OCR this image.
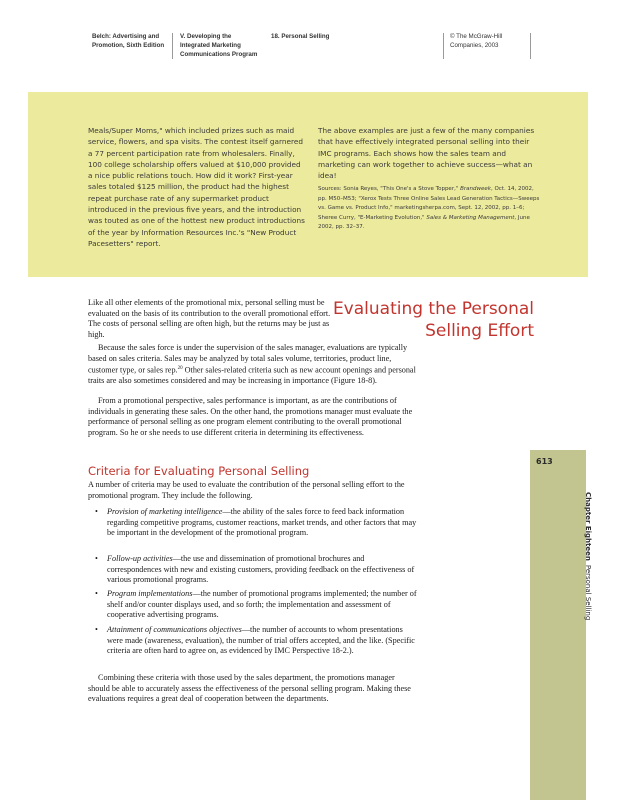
Belch: Advertising and
Promotion, Sixth Edition
V. Developing the
Integrated Marketing
Communications Program
18. Personal Selling	© The McGraw-Hill
Companies, 2003

Meals/Super Moms," which included prizes such as maid service, flowers, and spa visits. The contest itself garnered a 77 percent participation rate from wholesalers. Finally, 100 college scholarship offers valued at $10,000 provided a nice public relations touch. How did it work? First-year sales totaled $125 million, the product had the highest repeat purchase rate of any supermarket product introduced in the previous five years, and the introduction was touted as one of the hottest new product introductions of the year by Information Resources Inc.'s "New Product Pacesetters" report.

The above examples are just a few of the many companies that have effectively integrated personal selling into their IMC programs. Each shows how the sales team and marketing can work together to achieve success—what an idea!

Sources: Sonia Reyes, "This One's a Stove Topper," Brandweek, Oct. 14, 2002, pp. M50–M53; "Xerox Tests Three Online Sales Lead Generation Tactics—Sweeps vs. Game vs. Product Info," marketingsherpa.com, Sept. 12, 2002, pp. 1–6; Sheree Curry, "E-Marketing Evolution," Sales & Marketing Management, June 2002, pp. 32–37.
Evaluating the Personal
Selling Effort

Like all other elements of the promotional mix, personal selling must be evaluated on the basis of its contribution to the overall promotional effort. The costs of personal selling are often high, but the returns may be just as high.

Because the sales force is under the supervision of the sales manager, evaluations are typically based on sales criteria. Sales may be analyzed by total sales volume, territories, product line, customer type, or sales rep.$^{20}$ Other sales-related criteria such as new account openings and personal traits are also sometimes considered and may be increasing in importance (Figure 18-8).

From a promotional perspective, sales performance is important, as are the contributions of individuals in generating these sales. On the other hand, the promotions manager must evaluate the performance of personal selling as one program element contributing to the overall promotional program. So he or she needs to use different criteria in determining its effectiveness.

Criteria for Evaluating Personal Selling

A number of criteria may be used to evaluate the contribution of the personal selling effort to the promotional program. They include the following.

• Provision of marketing intelligence—the ability of the sales force to feed back information regarding competitive programs, customer reactions, market trends, and other factors that may be important in the development of the promotional program.
• Follow-up activities—the use and dissemination of promotional brochures and correspondences with new and existing customers, providing feedback on the effectiveness of various promotional programs.
• Program implementations—the number of promotional programs implemented; the number of shelf and/or counter displays used, and so forth; the implementation and assessment of cooperative advertising programs.
• Attainment of communications objectives—the number of accounts to whom presentations were made (awareness, evaluation), the number of trial offers accepted, and the like. (Specific criteria are often hard to agree on, as evidenced by IMC Perspective 18-2.).

Combining these criteria with those used by the sales department, the promotions manager should be able to accurately assess the effectiveness of the personal selling program. Making these evaluations requires a great deal of cooperation between the departments.

613
Chapter EighteenPersonal Selling
